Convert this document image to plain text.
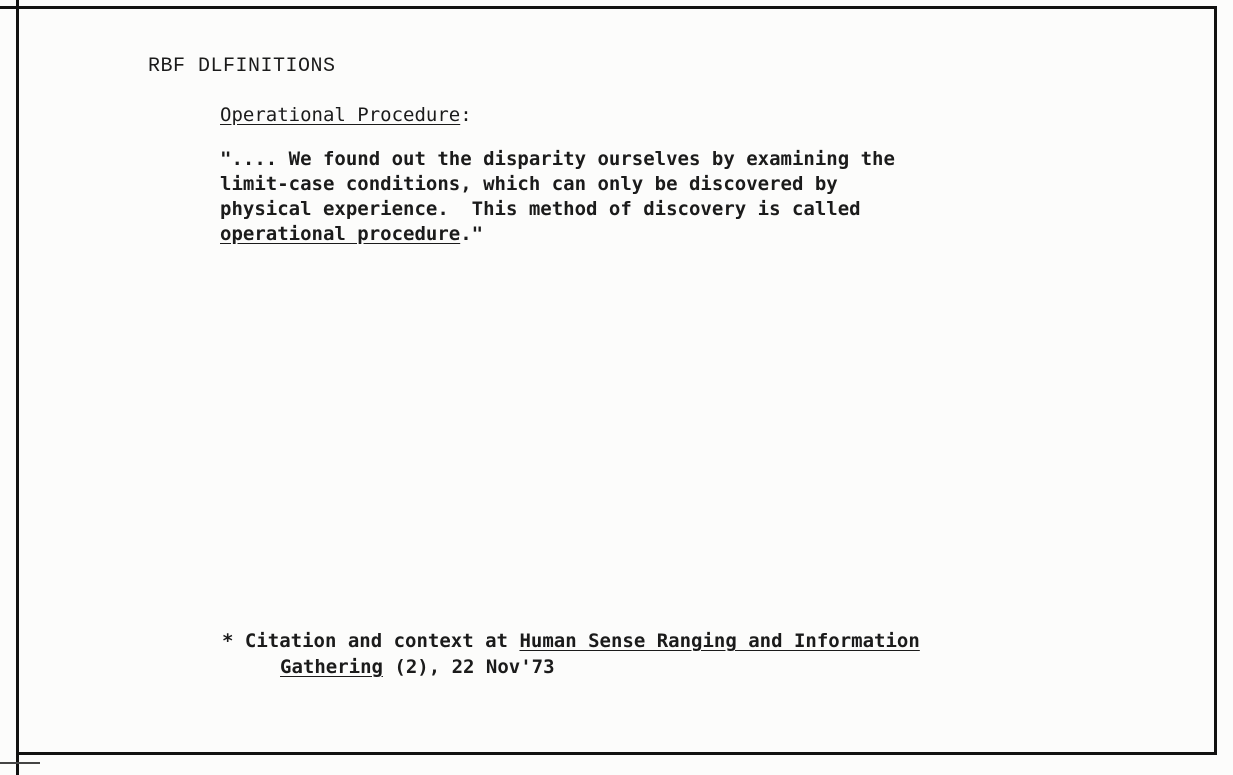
RBF DLFINITIONS
Operational Procedure:
".... We found out the disparity ourselves by examining the
limit-case conditions, which can only be discovered by
physical experience.  This method of discovery is called
operational procedure."
* Citation and context at Human Sense Ranging and Information
Gathering (2), 22 Nov'73
